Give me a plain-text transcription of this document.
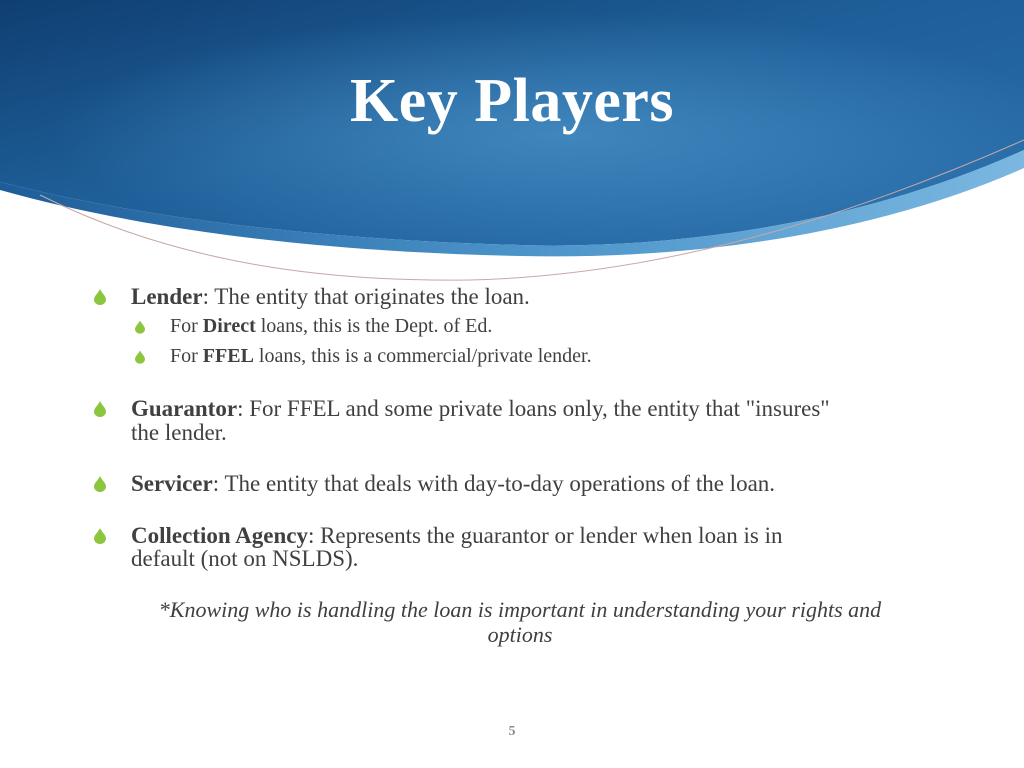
Key Players
Lender: The entity that originates the loan.
For Direct loans, this is the Dept. of Ed.
For FFEL loans, this is a commercial/private lender.
Guarantor: For FFEL and some private loans only, the entity that "insures"
the lender.
Servicer: The entity that deals with day-to-day operations of the loan.
Collection Agency: Represents the guarantor or lender when loan is in
default (not on NSLDS).
*Knowing who is handling the loan is important in understanding your rights and
options
5
